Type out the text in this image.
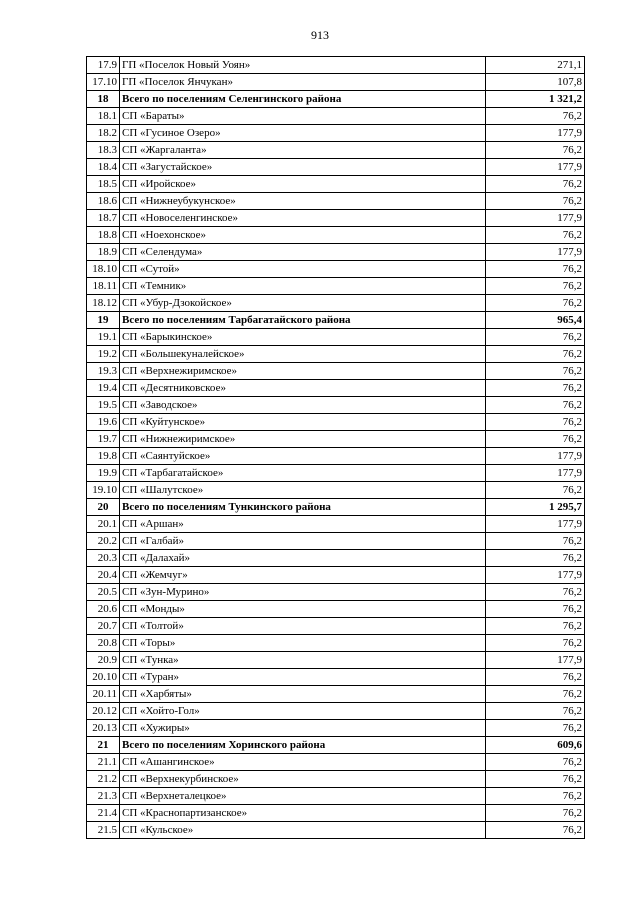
913
17.9	ГП «Поселок Новый Уоян»	271,1
17.10	ГП «Поселок Янчукан»	107,8
18	Всего по поселениям Селенгинского района	1 321,2
18.1	СП «Бараты»	76,2
18.2	СП «Гусиное Озеро»	177,9
18.3	СП «Жаргаланта»	76,2
18.4	СП «Загустайское»	177,9
18.5	СП «Иройское»	76,2
18.6	СП «Нижнеубукунское»	76,2
18.7	СП «Новоселенгинское»	177,9
18.8	СП «Ноехонское»	76,2
18.9	СП «Селендума»	177,9
18.10	СП «Сутой»	76,2
18.11	СП «Темник»	76,2
18.12	СП «Убур-Дзокойское»	76,2
19	Всего по поселениям Тарбагатайского района	965,4
19.1	СП «Барыкинское»	76,2
19.2	СП «Большекуналейское»	76,2
19.3	СП «Верхнежиримское»	76,2
19.4	СП «Десятниковское»	76,2
19.5	СП «Заводское»	76,2
19.6	СП «Куйтунское»	76,2
19.7	СП «Нижнежиримское»	76,2
19.8	СП «Саянтуйское»	177,9
19.9	СП «Тарбагатайское»	177,9
19.10	СП «Шалутское»	76,2
20	Всего по поселениям Тункинского района	1 295,7
20.1	СП «Аршан»	177,9
20.2	СП «Галбай»	76,2
20.3	СП «Далахай»	76,2
20.4	СП «Жемчуг»	177,9
20.5	СП «Зун-Мурино»	76,2
20.6	СП «Монды»	76,2
20.7	СП «Толтой»	76,2
20.8	СП «Торы»	76,2
20.9	СП «Тунка»	177,9
20.10	СП «Туран»	76,2
20.11	СП «Харбяты»	76,2
20.12	СП «Хойто-Гол»	76,2
20.13	СП «Хужиры»	76,2
21	Всего по поселениям Хоринского района	609,6
21.1	СП «Ашангинское»	76,2
21.2	СП «Верхнекурбинское»	76,2
21.3	СП «Верхнеталецкое»	76,2
21.4	СП «Краснопартизанское»	76,2
21.5	СП «Кульское»	76,2
